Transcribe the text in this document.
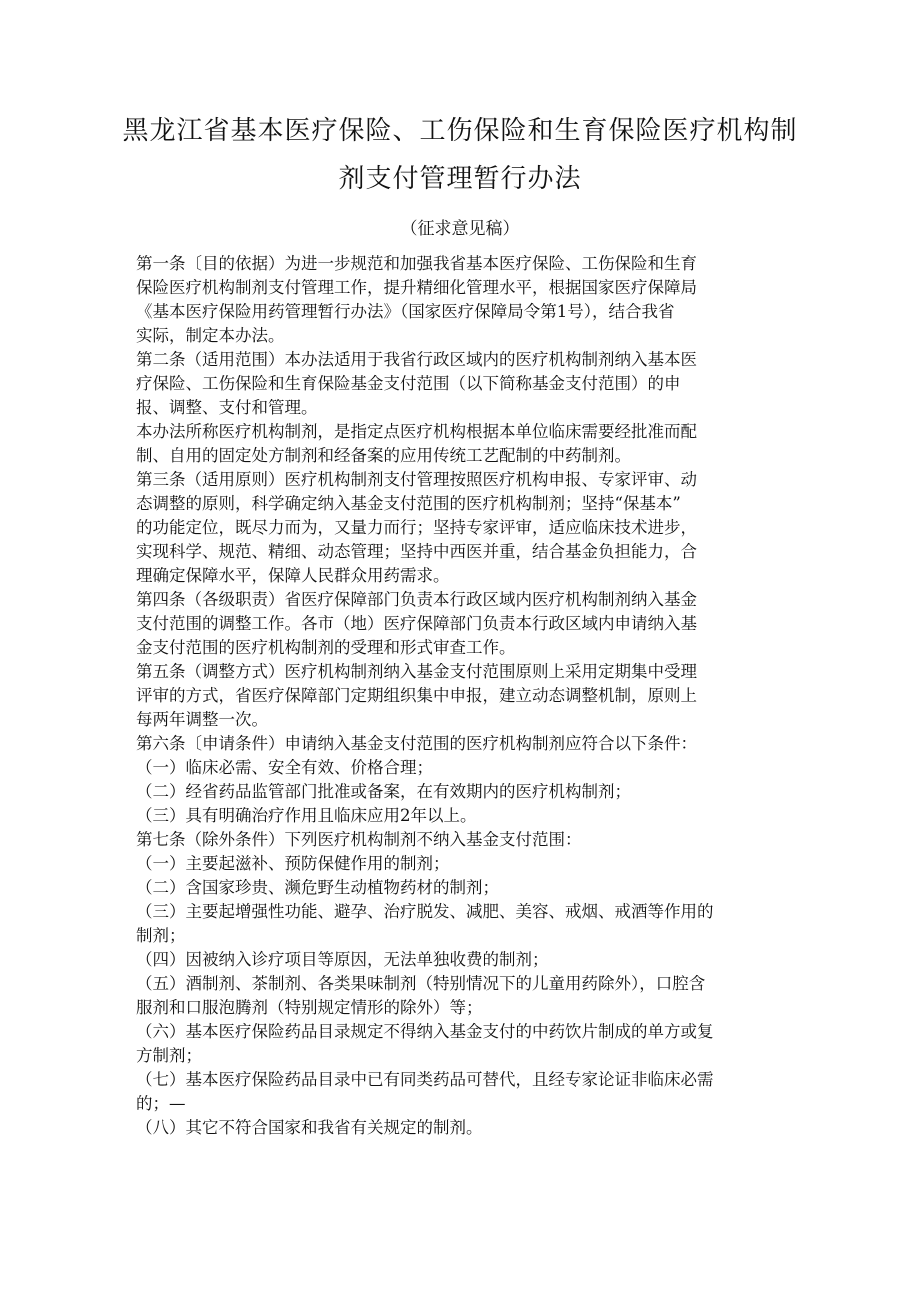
黑龙江省基本医疗保险、工伤保险和生育保险医疗机构制
剂支付管理暂行办法
（征求意见稿）
第一条〔目的依据）为进一步规范和加强我省基本医疗保险、工伤保险和生育
保险医疗机构制剂支付管理工作，提升精细化管理水平，根据国家医疗保障局
《基本医疗保险用药管理暂行办法》（国家医疗保障局令第1号），结合我省
实际，制定本办法。
第二条（适用范围）本办法适用于我省行政区域内的医疗机构制剂纳入基本医
疗保险、工伤保险和生育保险基金支付范围（以下简称基金支付范围）的申
报、调整、支付和管理。
本办法所称医疗机构制剂，是指定点医疗机构根据本单位临床需要经批准而配
制、自用的固定处方制剂和经备案的应用传统工艺配制的中药制剂。
第三条（适用原则）医疗机构制剂支付管理按照医疗机构申报、专家评审、动
态调整的原则，科学确定纳入基金支付范围的医疗机构制剂；坚持“保基本”
的功能定位，既尽力而为，又量力而行；坚持专家评审，适应临床技术进步，
实现科学、规范、精细、动态管理；坚持中西医并重，结合基金负担能力，合
理确定保障水平，保障人民群众用药需求。
第四条（各级职责）省医疗保障部门负责本行政区域内医疗机构制剂纳入基金
支付范围的调整工作。各市（地）医疗保障部门负责本行政区域内申请纳入基
金支付范围的医疗机构制剂的受理和形式审查工作。
第五条（调整方式）医疗机构制剂纳入基金支付范围原则上采用定期集中受理
评审的方式，省医疗保障部门定期组织集中申报，建立动态调整机制，原则上
每两年调整一次。
第六条〔申请条件）申请纳入基金支付范围的医疗机构制剂应符合以下条件：
（一）临床必需、安全有效、价格合理；
（二）经省药品监管部门批准或备案，在有效期内的医疗机构制剂；
（三）具有明确治疗作用且临床应用2年以上。
第七条（除外条件）下列医疗机构制剂不纳入基金支付范围：
（一）主要起滋补、预防保健作用的制剂；
（二）含国家珍贵、濒危野生动植物药材的制剂；
（三）主要起增强性功能、避孕、治疗脱发、减肥、美容、戒烟、戒酒等作用的
制剂；
（四）因被纳入诊疗项目等原因，无法单独收费的制剂；
（五）酒制剂、茶制剂、各类果味制剂（特别情况下的儿童用药除外），口腔含
服剂和口服泡腾剂（特别规定情形的除外）等；
（六）基本医疗保险药品目录规定不得纳入基金支付的中药饮片制成的单方或复
方制剂；
（七）基本医疗保险药品目录中已有同类药品可替代，且经专家论证非临床必需
的；—
（八）其它不符合国家和我省有关规定的制剂。
